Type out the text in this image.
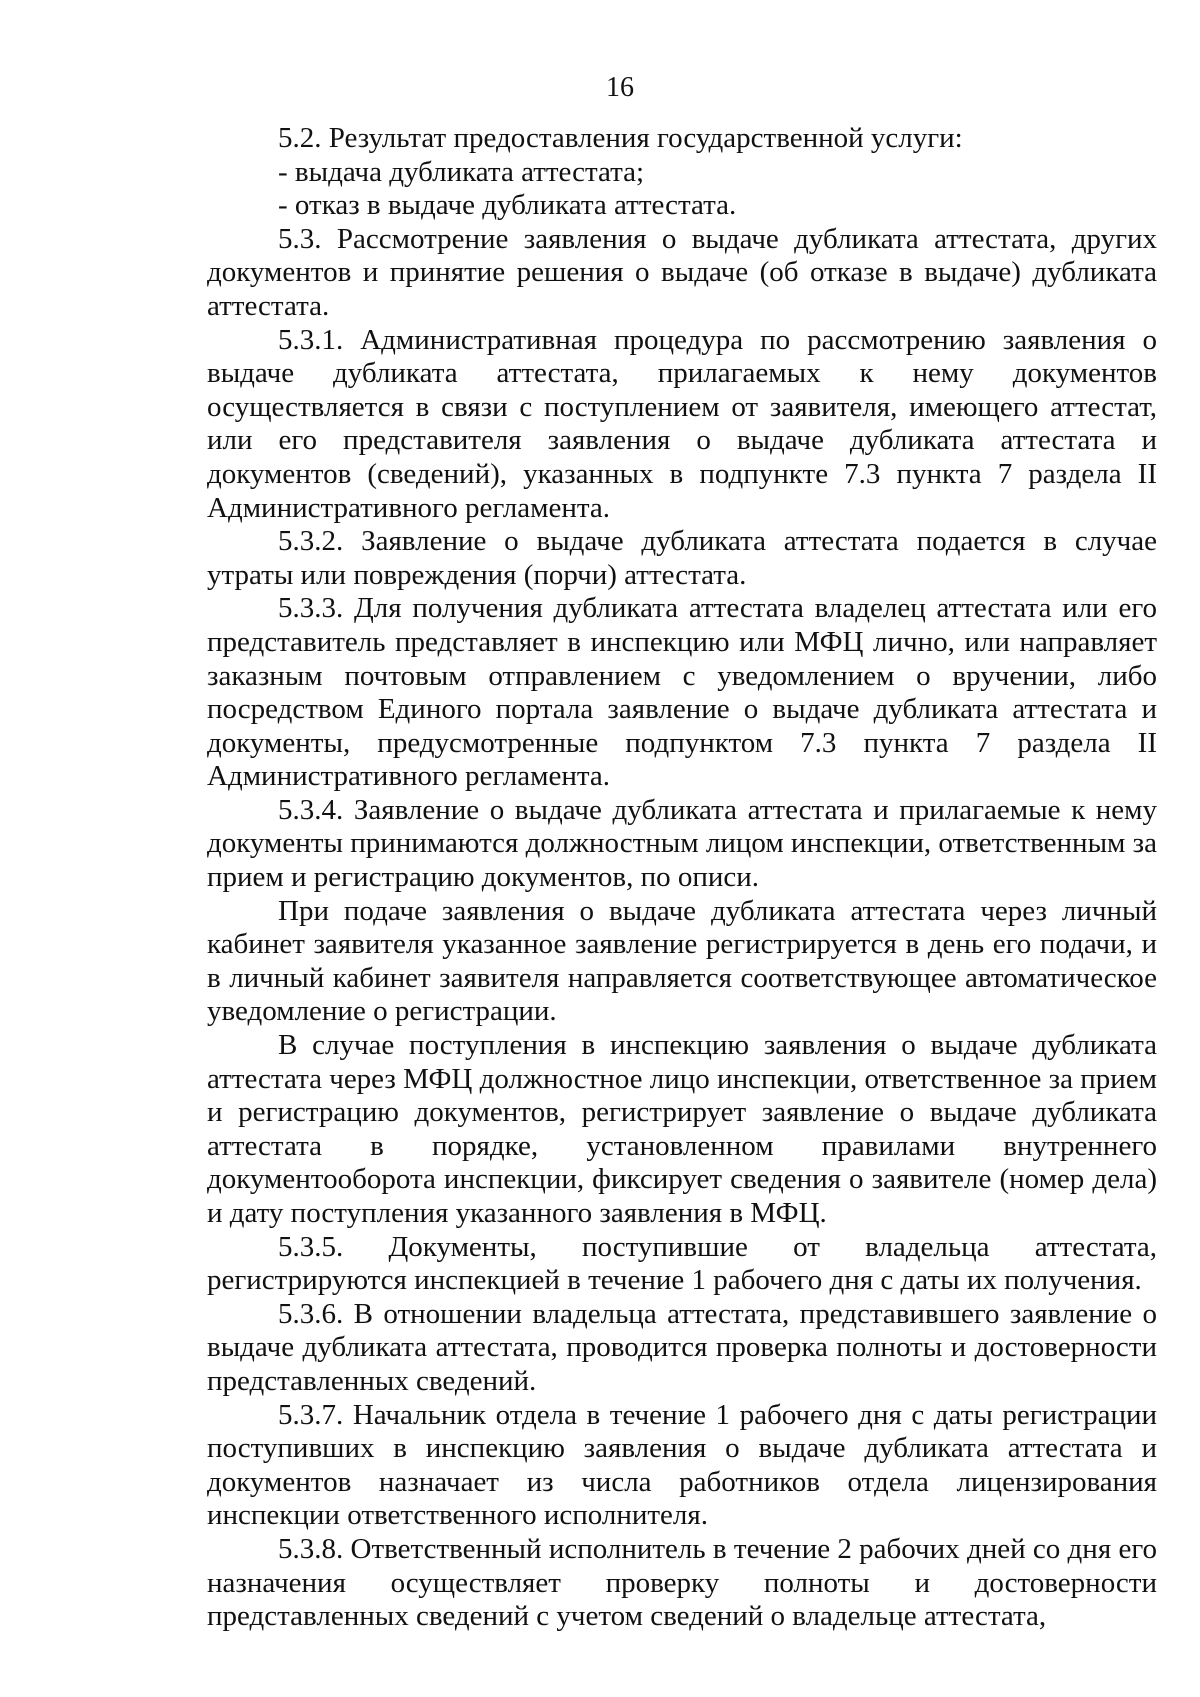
16

5.2. Результат предоставления государственной услуги:

- выдача дубликата аттестата;

- отказ в выдаче дубликата аттестата.

5.3. Рассмотрение заявления о выдаче дубликата аттестата, других документов и принятие решения о выдаче (об отказе в выдаче) дубликата аттестата.

5.3.1. Административная процедура по рассмотрению заявления о выдаче дубликата аттестата, прилагаемых к нему документов осуществляется в связи с поступлением от заявителя, имеющего аттестат, или его представителя заявления о выдаче дубликата аттестата и документов (сведений), указанных в подпункте 7.3 пункта 7 раздела II Административного регламента.

5.3.2. Заявление о выдаче дубликата аттестата подается в случае утраты или повреждения (порчи) аттестата.

5.3.3. Для получения дубликата аттестата владелец аттестата или его представитель представляет в инспекцию или МФЦ лично, или направляет заказным почтовым отправлением с уведомлением о вручении, либо посредством Единого портала заявление о выдаче дубликата аттестата и документы, предусмотренные подпунктом 7.3 пункта 7 раздела II Административного регламента.

5.3.4. Заявление о выдаче дубликата аттестата и прилагаемые к нему документы принимаются должностным лицом инспекции, ответственным за прием и регистрацию документов, по описи.

При подаче заявления о выдаче дубликата аттестата через личный кабинет заявителя указанное заявление регистрируется в день его подачи, и в личный кабинет заявителя направляется соответствующее автоматическое уведомление о регистрации.

В случае поступления в инспекцию заявления о выдаче дубликата аттестата через МФЦ должностное лицо инспекции, ответственное за прием и регистрацию документов, регистрирует заявление о выдаче дубликата аттестата в порядке, установленном правилами внутреннего документооборота инспекции, фиксирует сведения о заявителе (номер дела) и дату поступления указанного заявления в МФЦ.

5.3.5. Документы, поступившие от владельца аттестата, регистрируются инспекцией в течение 1 рабочего дня с даты их получения.

5.3.6. В отношении владельца аттестата, представившего заявление о выдаче дубликата аттестата, проводится проверка полноты и достоверности представленных сведений.

5.3.7. Начальник отдела в течение 1 рабочего дня с даты регистрации поступивших в инспекцию заявления о выдаче дубликата аттестата и документов назначает из числа работников отдела лицензирования инспекции ответственного исполнителя.

5.3.8. Ответственный исполнитель в течение 2 рабочих дней со дня его назначения осуществляет проверку полноты и достоверности представленных сведений с учетом сведений о владельце аттестата,
